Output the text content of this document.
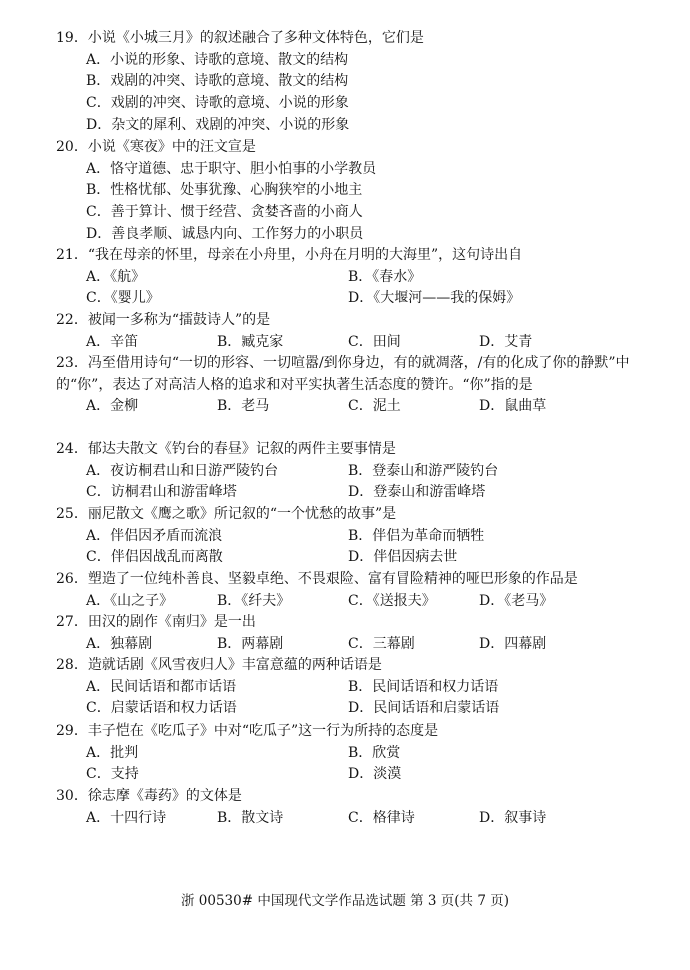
19．小说《小城三月》的叙述融合了多种文体特色，它们是
A．小说的形象、诗歌的意境、散文的结构
B．戏剧的冲突、诗歌的意境、散文的结构
C．戏剧的冲突、诗歌的意境、小说的形象
D．杂文的犀利、戏剧的冲突、小说的形象
20．小说《寒夜》中的汪文宣是
A．恪守道德、忠于职守、胆小怕事的小学教员
B．性格忧郁、处事犹豫、心胸狭窄的小地主
C．善于算计、惯于经营、贪婪吝啬的小商人
D．善良孝顺、诚恳内向、工作努力的小职员
21．“我在母亲的怀里，母亲在小舟里，小舟在月明的大海里”，这句诗出自
A．《航》	B．《春水》
C．《婴儿》	D．《大堰河——我的保姆》
22．被闻一多称为“擂鼓诗人”的是
A．辛笛	B．臧克家	C．田间	D．艾青
23．冯至借用诗句“一切的形容、一切喧嚣/到你身边，有的就凋落，/有的化成了你的静默”中的“你”，表达了对高洁人格的追求和对平实执著生活态度的赞许。“你”指的是
A．金柳	B．老马	C．泥土	D．鼠曲草
24．郁达夫散文《钓台的春昼》记叙的两件主要事情是
A．夜访桐君山和日游严陵钓台	B．登泰山和游严陵钓台
C．访桐君山和游雷峰塔	D．登泰山和游雷峰塔
25．丽尼散文《鹰之歌》所记叙的“一个忧愁的故事”是
A．伴侣因矛盾而流浪	B．伴侣为革命而牺牲
C．伴侣因战乱而离散	D．伴侣因病去世
26．塑造了一位纯朴善良、坚毅卓绝、不畏艰险、富有冒险精神的哑巴形象的作品是
A．《山之子》	B．《纤夫》	C．《送报夫》	D．《老马》
27．田汉的剧作《南归》是一出
A．独幕剧	B．两幕剧	C．三幕剧	D．四幕剧
28．造就话剧《风雪夜归人》丰富意蕴的两种话语是
A．民间话语和都市话语	B．民间话语和权力话语
C．启蒙话语和权力话语	D．民间话语和启蒙话语
29．丰子恺在《吃瓜子》中对“吃瓜子”这一行为所持的态度是
A．批判	B．欣赏
C．支持	D．淡漠
30．徐志摩《毒药》的文体是
A．十四行诗	B．散文诗	C．格律诗	D．叙事诗
浙 00530# 中国现代文学作品选试题 第 3 页(共 7 页)
